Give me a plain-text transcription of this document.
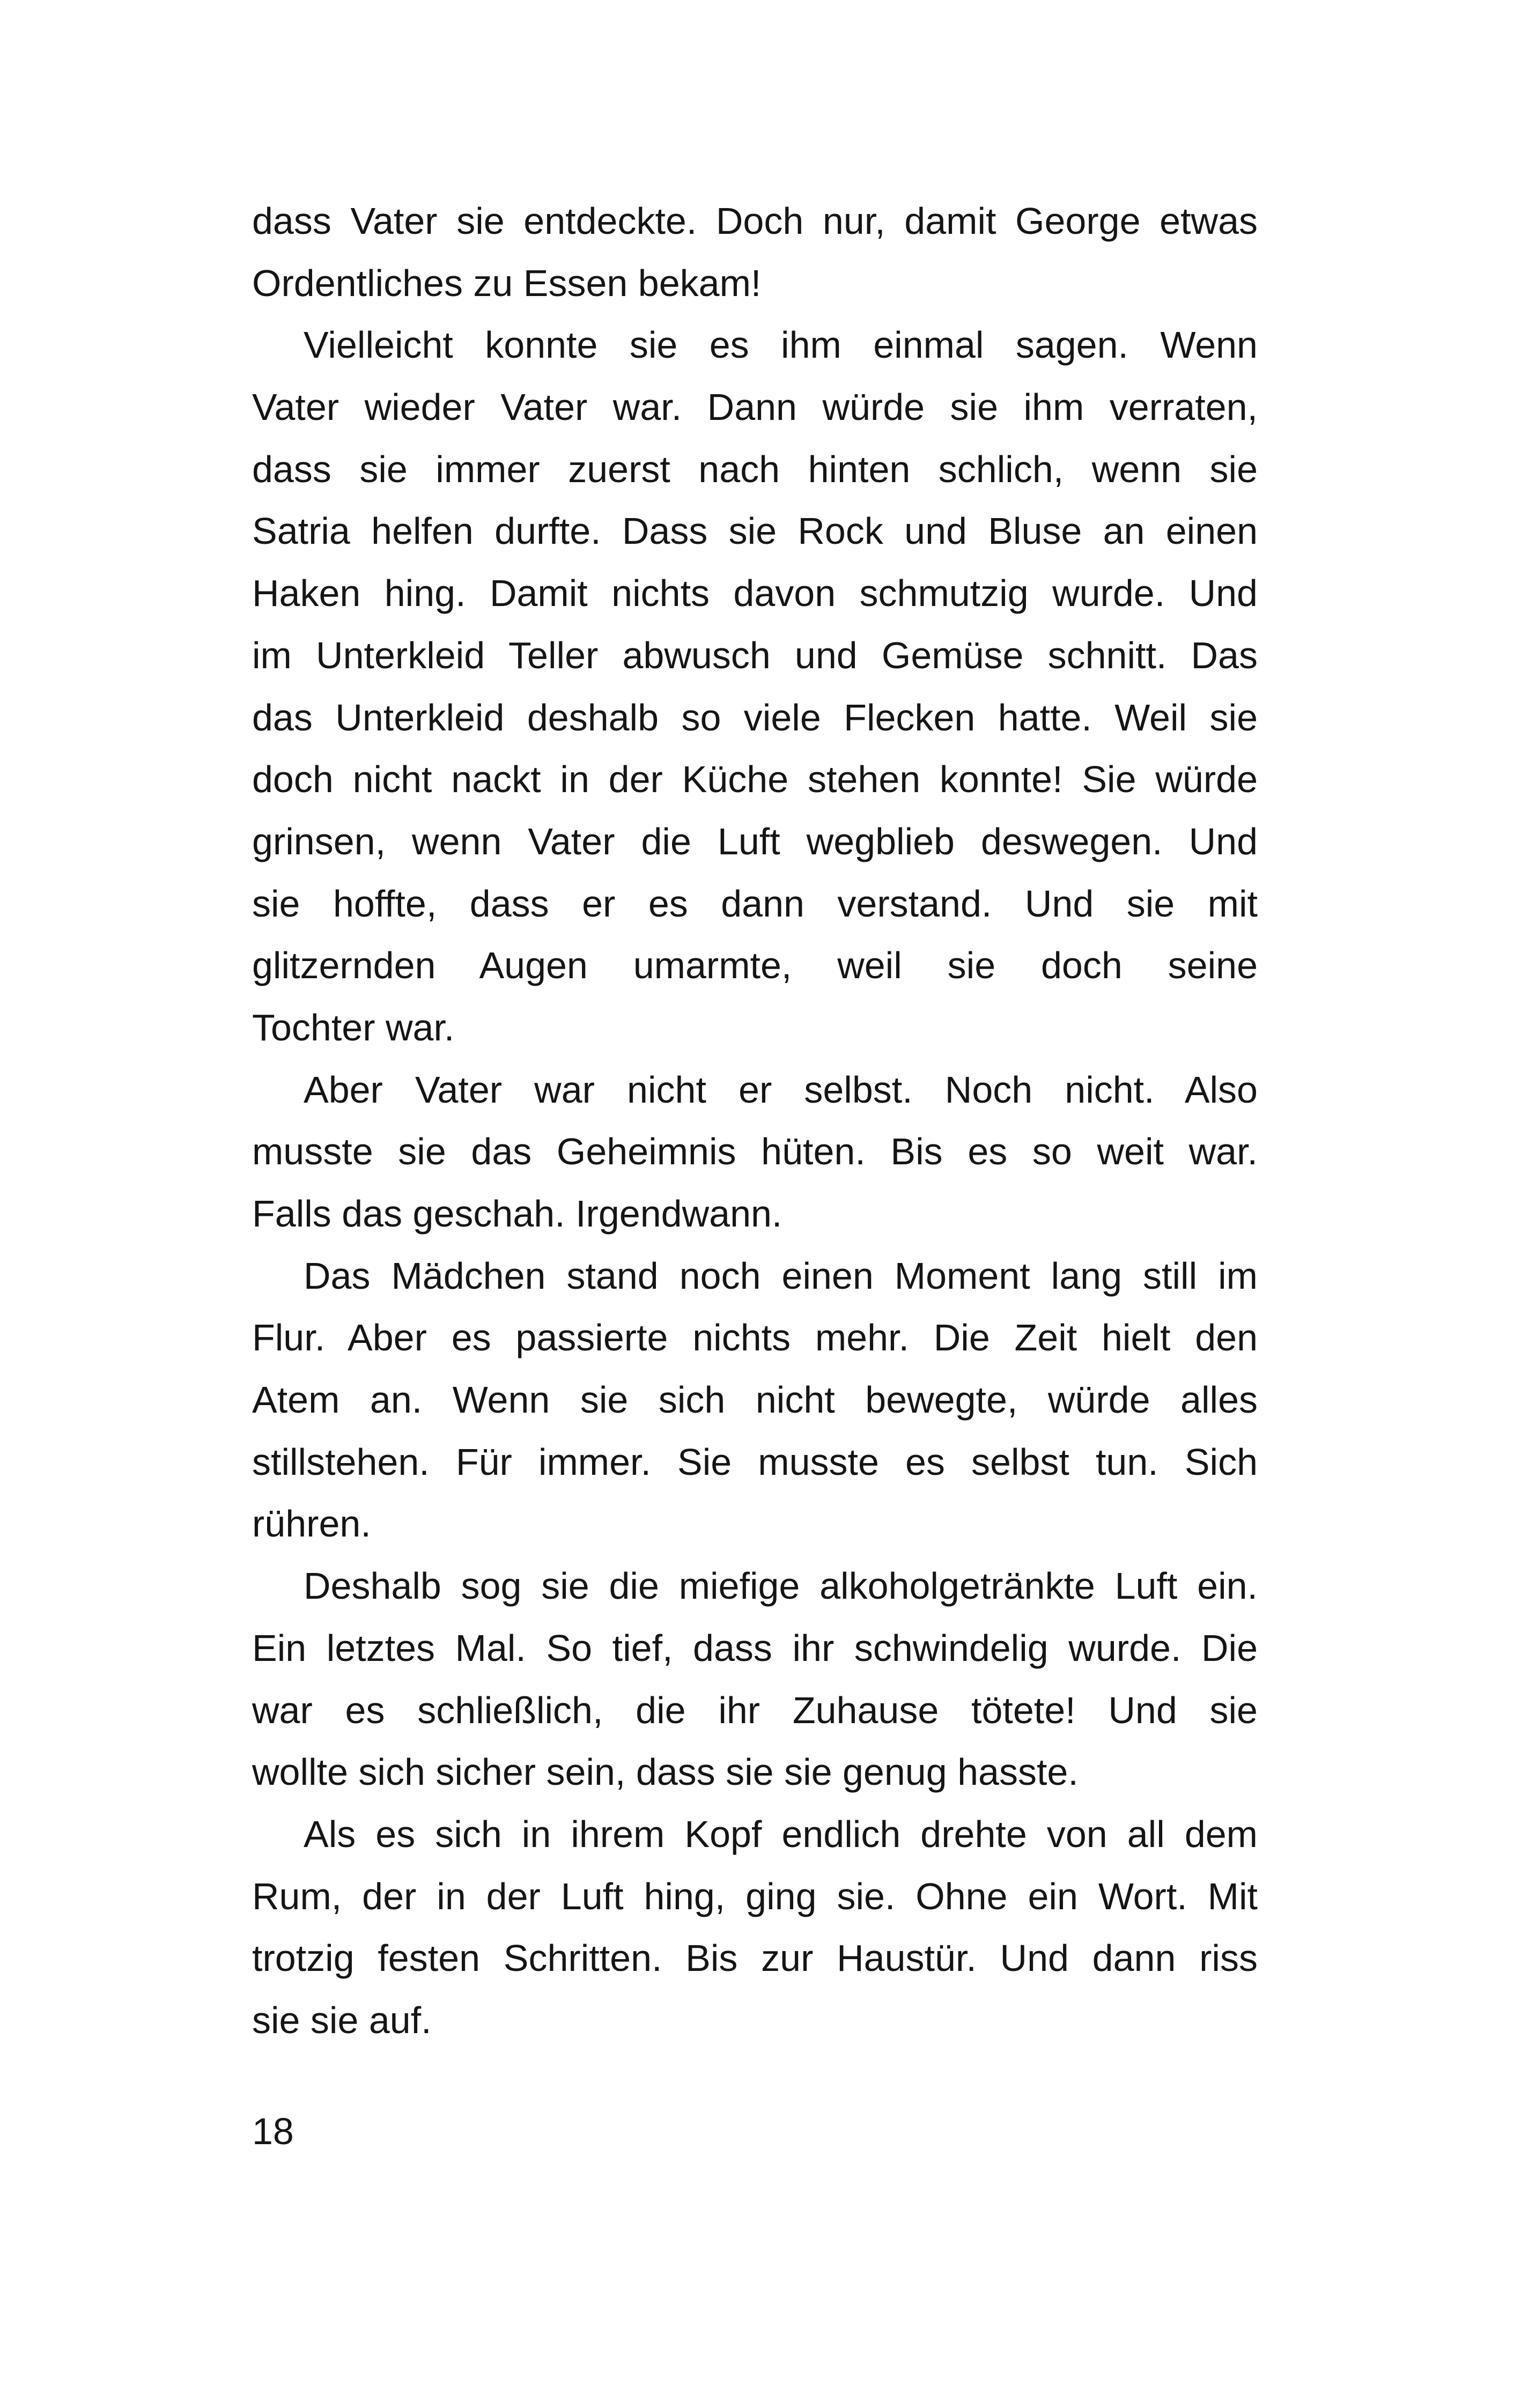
dass Vater sie entdeckte. Doch nur, damit George etwas
Ordentliches zu Essen bekam!
Vielleicht konnte sie es ihm einmal sagen. Wenn
Vater wieder Vater war. Dann würde sie ihm verraten,
dass sie immer zuerst nach hinten schlich, wenn sie
Satria helfen durfte. Dass sie Rock und Bluse an einen
Haken hing. Damit nichts davon schmutzig wurde. Und
im Unterkleid Teller abwusch und Gemüse schnitt. Das
das Unterkleid deshalb so viele Flecken hatte. Weil sie
doch nicht nackt in der Küche stehen konnte! Sie würde
grinsen, wenn Vater die Luft wegblieb deswegen. Und
sie hoffte, dass er es dann verstand. Und sie mit
glitzernden Augen umarmte, weil sie doch seine
Tochter war.
Aber Vater war nicht er selbst. Noch nicht. Also
musste sie das Geheimnis hüten. Bis es so weit war.
Falls das geschah. Irgendwann.
Das Mädchen stand noch einen Moment lang still im
Flur. Aber es passierte nichts mehr. Die Zeit hielt den
Atem an. Wenn sie sich nicht bewegte, würde alles
stillstehen. Für immer. Sie musste es selbst tun. Sich
rühren.
Deshalb sog sie die miefige alkoholgetränkte Luft ein.
Ein letztes Mal. So tief, dass ihr schwindelig wurde. Die
war es schließlich, die ihr Zuhause tötete! Und sie
wollte sich sicher sein, dass sie sie genug hasste.
Als es sich in ihrem Kopf endlich drehte von all dem
Rum, der in der Luft hing, ging sie. Ohne ein Wort. Mit
trotzig festen Schritten. Bis zur Haustür. Und dann riss
sie sie auf.
18
